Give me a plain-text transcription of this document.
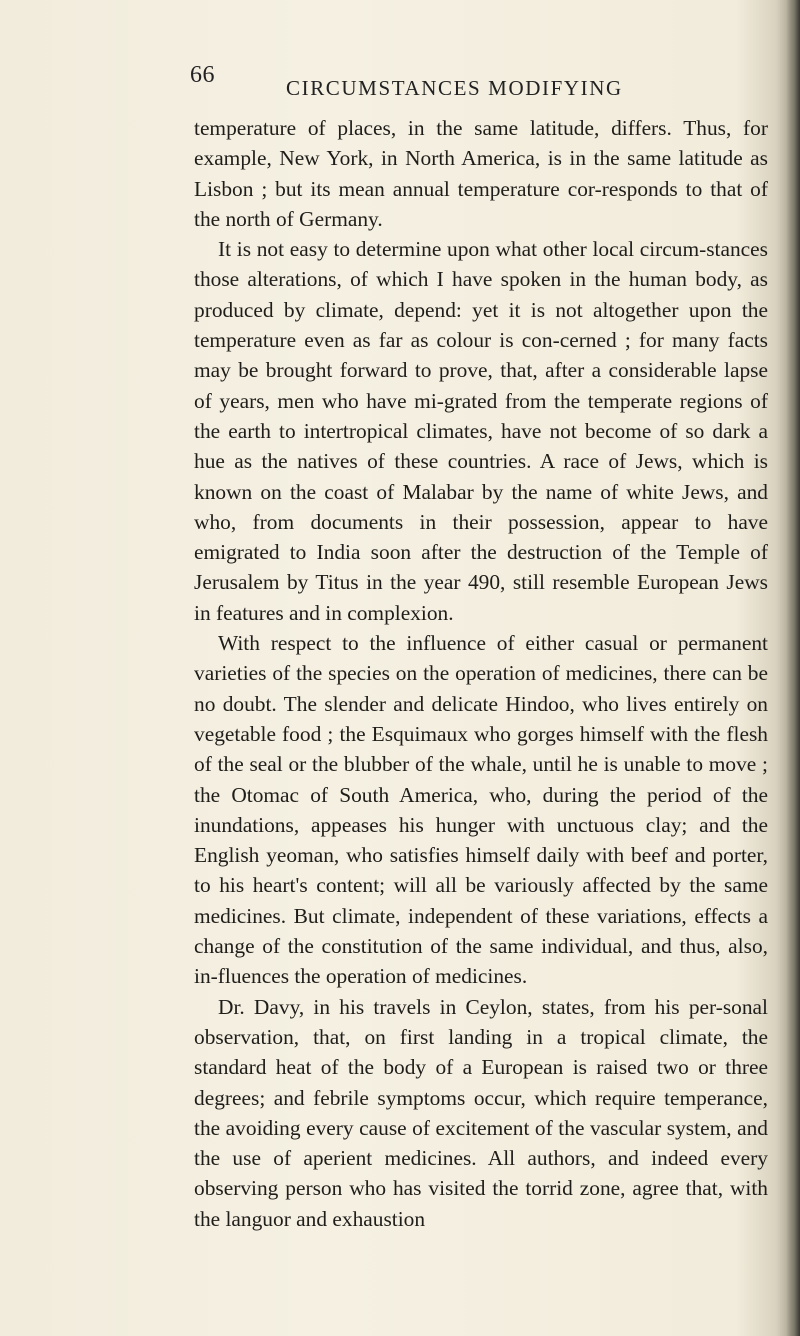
66	CIRCUMSTANCES MODIFYING

temperature of places, in the same latitude, differs. Thus, for example, New York, in North America, is in the same latitude as Lisbon ; but its mean annual temperature cor-responds to that of the north of Germany.

It is not easy to determine upon what other local circum-stances those alterations, of which I have spoken in the human body, as produced by climate, depend: yet it is not altogether upon the temperature even as far as colour is con-cerned ; for many facts may be brought forward to prove, that, after a considerable lapse of years, men who have mi-grated from the temperate regions of the earth to intertropical climates, have not become of so dark a hue as the natives of these countries. A race of Jews, which is known on the coast of Malabar by the name of white Jews, and who, from documents in their possession, appear to have emigrated to India soon after the destruction of the Temple of Jerusalem by Titus in the year 490, still resemble European Jews in features and in complexion.

With respect to the influence of either casual or permanent varieties of the species on the operation of medicines, there can be no doubt. The slender and delicate Hindoo, who lives entirely on vegetable food ; the Esquimaux who gorges himself with the flesh of the seal or the blubber of the whale, until he is unable to move ; the Otomac of South America, who, during the period of the inundations, appeases his hunger with unctuous clay; and the English yeoman, who satisfies himself daily with beef and porter, to his heart's content; will all be variously affected by the same medicines. But climate, independent of these variations, effects a change of the constitution of the same individual, and thus, also, in-fluences the operation of medicines.

Dr. Davy, in his travels in Ceylon, states, from his per-sonal observation, that, on first landing in a tropical climate, the standard heat of the body of a European is raised two or three degrees; and febrile symptoms occur, which require temperance, the avoiding every cause of excitement of the vascular system, and the use of aperient medicines. All authors, and indeed every observing person who has visited the torrid zone, agree that, with the languor and exhaustion
